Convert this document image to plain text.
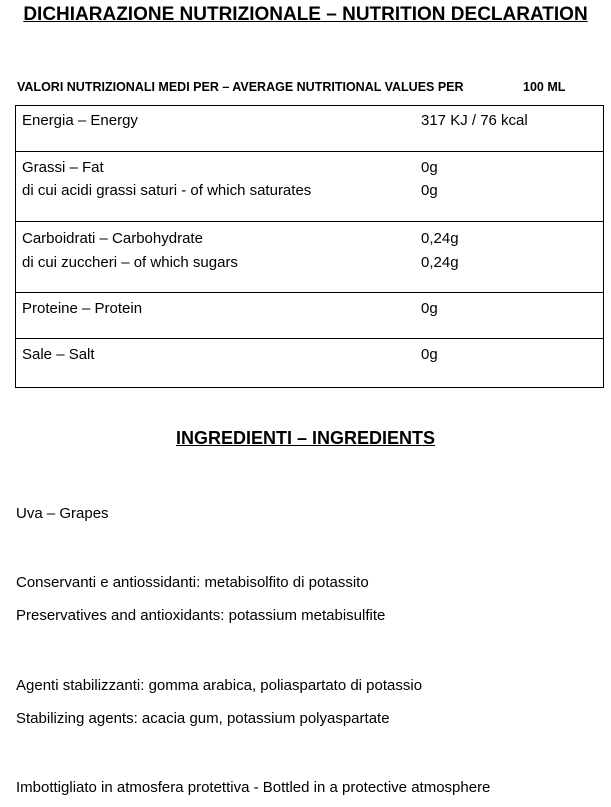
DICHIARAZIONE NUTRIZIONALE – NUTRITION DECLARATION
VALORI NUTRIZIONALI MEDI PER – AVERAGE NUTRITIONAL VALUES PER	100 ML
Energia – Energy	317 KJ / 76 kcal
Grassi – Fat	0g
di cui acidi grassi saturi - of which saturates	0g
Carboidrati – Carbohydrate	0,24g
di cui zuccheri – of which sugars	0,24g
Proteine – Protein	0g
Sale – Salt	0g
INGREDIENTI – INGREDIENTS
Uva – Grapes
Conservanti e antiossidanti: metabisolfito di potassito
Preservatives and antioxidants: potassium metabisulfite
Agenti stabilizzanti: gomma arabica, poliaspartato di potassio
Stabilizing agents: acacia gum, potassium polyaspartate
Imbottigliato in atmosfera protettiva - Bottled in a protective atmosphere
